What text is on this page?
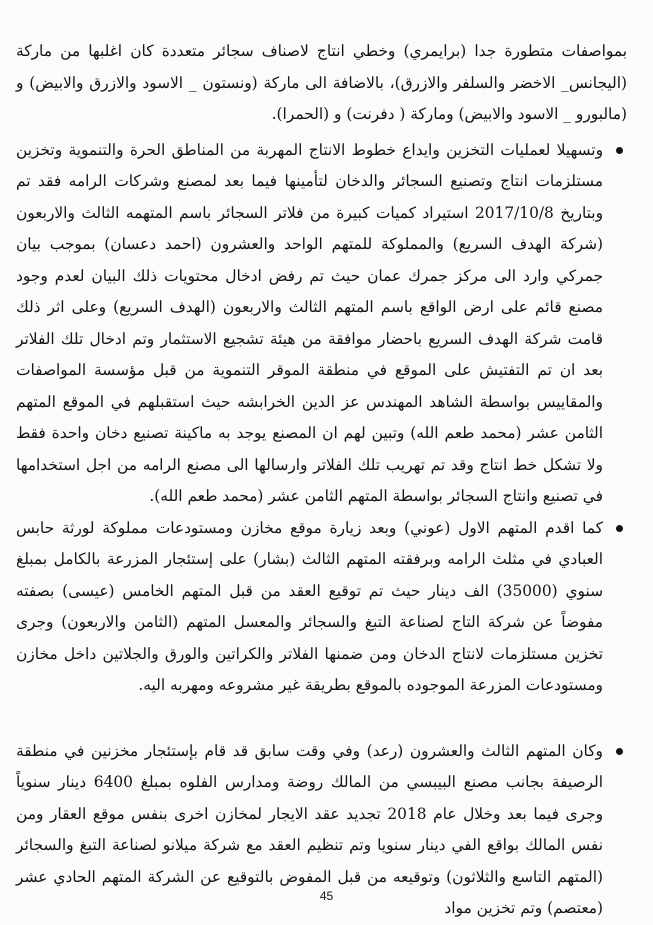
بمواصفات متطورة جدا (برايمري) وخطي انتاج لاصناف سجائر متعددة كان اغلبها من ماركة (اليجانس_ الاخضر والسلفر والازرق)، بالاضافة الى ماركة (ونستون _ الاسود والازرق والابيض) و (مالبورو _ الاسود والابيض) وماركة ( دفرنت) و (الحمرا).

وتسهيلا لعمليات التخزين وايداع خطوط الانتاج المهربة من المناطق الحرة والتنموية وتخزين مستلزمات انتاج وتصنيع السجائر والدخان لتأمينها فيما بعد لمصنع وشركات الرامه فقد تم وبتاريخ 2017/10/8 استيراد كميات كبيرة من فلاتر السجائر باسم المتهمه الثالث والاربعون (شركة الهدف السريع) والمملوكة للمتهم الواحد والعشرون (احمد دعسان) بموجب بيان جمركي وارد الى مركز جمرك عمان حيث تم رفض ادخال محتويات ذلك البيان لعدم وجود مصنع قائم على ارض الواقع باسم المتهم الثالث والاربعون (الهدف السريع) وعلى اثر ذلك قامت شركة الهدف السريع باحضار موافقة من هيئة تشجيع الاستثمار وتم ادخال تلك الفلاتر بعد ان تم التفتيش على الموقع في منطقة الموقر التنموية من قبل مؤسسة المواصفات والمقاييس بواسطة الشاهد المهندس عز الدين الخرابشه حيث استقبلهم في الموقع المتهم الثامن عشر (محمد طعم الله) وتبين لهم ان المصنع يوجد به ماكينة تصنيع دخان واحدة فقط ولا تشكل خط انتاج وقد تم تهريب تلك الفلاتر وارسالها الى مصنع الرامه من اجل استخدامها في تصنيع وانتاج السجائر بواسطة المتهم الثامن عشر (محمد طعم الله).

كما اقدم المتهم الاول (عوني) وبعد زيارة موقع مخازن ومستودعات مملوكة لورثة حابس العبادي في مثلث الرامه وبرفقته المتهم الثالث (بشار) على إستئجار المزرعة بالكامل بمبلغ سنوي (35000) الف دينار حيث تم توقيع العقد من قبل المتهم الخامس (عيسى) بصفته مفوضاً عن شركة التاج لصناعة التبغ والسجائر والمعسل المتهم (الثامن والاربعون) وجرى تخزين مستلزمات لانتاج الدخان ومن ضمنها الفلاتر والكراتين والورق والجلاتين داخل مخازن ومستودعات المزرعة الموجوده بالموقع بطريقة غير مشروعه ومهربه اليه.

وكان المتهم الثالث والعشرون (رعد) وفي وقت سابق قد قام بإستئجار مخزنين في منطقة الرصيفة بجانب مصنع البيبسي من المالك روضة ومدارس الفلوه بمبلغ 6400 دينار سنوياً وجرى فيما بعد وخلال عام 2018 تجديد عقد الايجار لمخازن اخرى بنفس موقع العقار ومن نفس المالك بواقع الفي دينار سنويا وتم تنظيم العقد مع شركة ميلانو لصناعة التبغ والسجائر (المتهم التاسع والثلاثون) وتوقيعه من قبل المفوض بالتوقيع عن الشركة المتهم الحادي عشر (معتصم) وتم تخزين مواد

45
